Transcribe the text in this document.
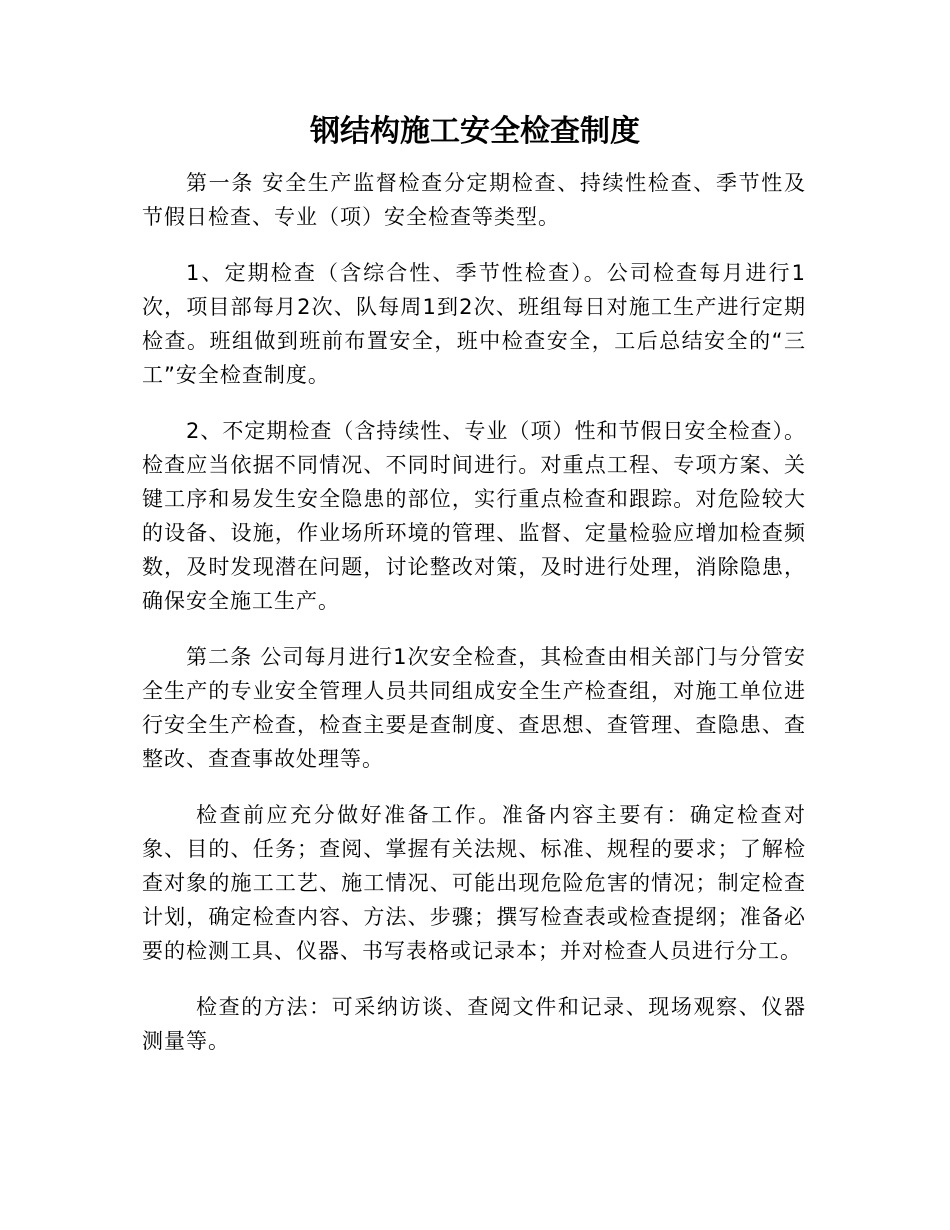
钢结构施工安全检查制度

第一条 安全生产监督检查分定期检查、持续性检查、季节性及节假日检查、专业（项）安全检查等类型。

1、定期检查（含综合性、季节性检查）。公司检查每月进行1次，项目部每月2次、队每周1到2次、班组每日对施工生产进行定期检查。班组做到班前布置安全，班中检查安全，工后总结安全的“三工”安全检查制度。

2、不定期检查（含持续性、专业（项）性和节假日安全检查）。检查应当依据不同情况、不同时间进行。对重点工程、专项方案、关键工序和易发生安全隐患的部位，实行重点检查和跟踪。对危险较大的设备、设施，作业场所环境的管理、监督、定量检验应增加检查频数，及时发现潜在问题，讨论整改对策，及时进行处理，消除隐患，确保安全施工生产。

第二条 公司每月进行1次安全检查，其检查由相关部门与分管安全生产的专业安全管理人员共同组成安全生产检查组，对施工单位进行安全生产检查，检查主要是查制度、查思想、查管理、查隐患、查整改、查查事故处理等。

检查前应充分做好准备工作。准备内容主要有：确定检查对象、目的、任务；查阅、掌握有关法规、标准、规程的要求；了解检查对象的施工工艺、施工情况、可能出现危险危害的情况；制定检查计划，确定检查内容、方法、步骤；撰写检查表或检查提纲；准备必要的检测工具、仪器、书写表格或记录本；并对检查人员进行分工。

检查的方法：可采纳访谈、查阅文件和记录、现场观察、仪器测量等。
